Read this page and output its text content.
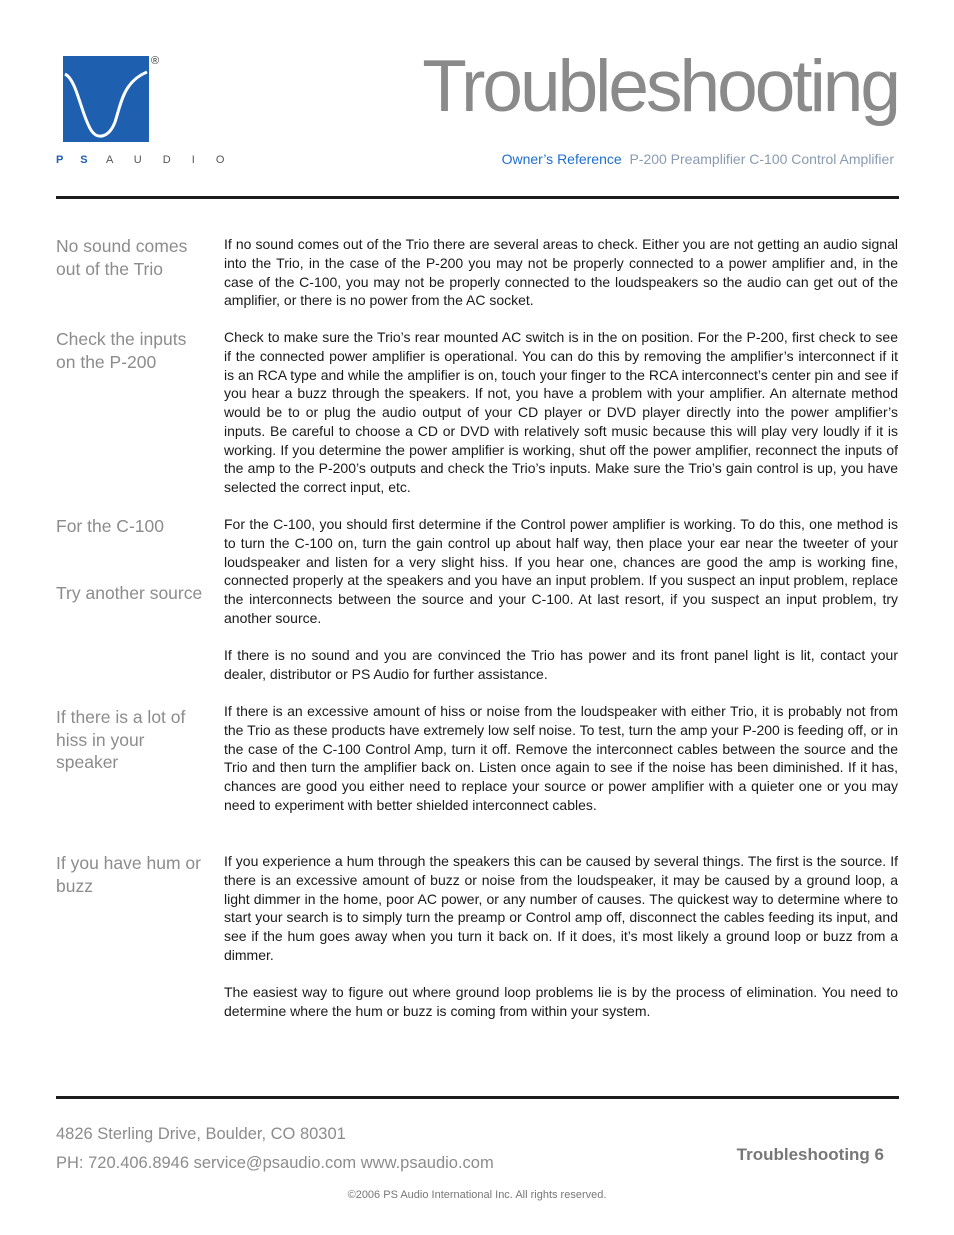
®
P S A U D I O
Troubleshooting
Owner’s Reference P-200 Preamplifier C-100 Control Amplifier
No sound comes out of the Trio
Check the inputs on the P-200
For the C-100
Try another source
If there is a lot of hiss in your speaker
If you have hum or buzz

If no sound comes out of the Trio there are several areas to check. Either you are not getting an audio signal into the Trio, in the case of the P-200 you may not be properly connected to a power amplifier and, in the case of the C-100, you may not be properly connected to the loudspeakers so the audio can get out of the amplifier, or there is no power from the AC socket.

Check to make sure the Trio’s rear mounted AC switch is in the on position. For the P-200, first check to see if the connected power amplifier is operational. You can do this by removing the amplifier’s interconnect if it is an RCA type and while the amplifier is on, touch your finger to the RCA interconnect’s center pin and see if you hear a buzz through the speakers. If not, you have a problem with your amplifier. An alternate method would be to or plug the audio output of your CD player or DVD player directly into the power amplifier’s inputs. Be careful to choose a CD or DVD with relatively soft music because this will play very loudly if it is working. If you determine the power amplifier is working, shut off the power amplifier, reconnect the inputs of the amp to the P-200’s outputs and check the Trio’s inputs. Make sure the Trio’s gain control is up, you have selected the correct input, etc.

For the C-100, you should first determine if the Control power amplifier is working. To do this, one method is to turn the C-100 on, turn the gain control up about half way, then place your ear near the tweeter of your loudspeaker and listen for a very slight hiss. If you hear one, chances are good the amp is working fine, connected properly at the speakers and you have an input problem. If you suspect an input problem, replace the interconnects between the source and your C-100. At last resort, if you suspect an input problem, try another source.

If there is no sound and you are convinced the Trio has power and its front panel light is lit, contact your dealer, distributor or PS Audio for further assistance.

If there is an excessive amount of hiss or noise from the loudspeaker with either Trio, it is probably not from the Trio as these products have extremely low self noise. To test, turn the amp your P-200 is feeding off, or in the case of the C-100 Control Amp, turn it off. Remove the interconnect cables between the source and the Trio and then turn the amplifier back on. Listen once again to see if the noise has been diminished. If it has, chances are good you either need to replace your source or power amplifier with a quieter one or you may need to experiment with better shielded interconnect cables.

If you experience a hum through the speakers this can be caused by several things. The first is the source. If there is an excessive amount of buzz or noise from the loudspeaker, it may be caused by a ground loop, a light dimmer in the home, poor AC power, or any number of causes. The quickest way to determine where to start your search is to simply turn the preamp or Control amp off, disconnect the cables feeding its input, and see if the hum goes away when you turn it back on. If it does, it’s most likely a ground loop or buzz from a dimmer.

The easiest way to figure out where ground loop problems lie is by the process of elimination. You need to determine where the hum or buzz is coming from within your system.

4826 Sterling Drive, Boulder, CO 80301
PH: 720.406.8946 service@psaudio.com www.psaudio.com	Troubleshooting 6
©2006 PS Audio International Inc. All rights reserved.
